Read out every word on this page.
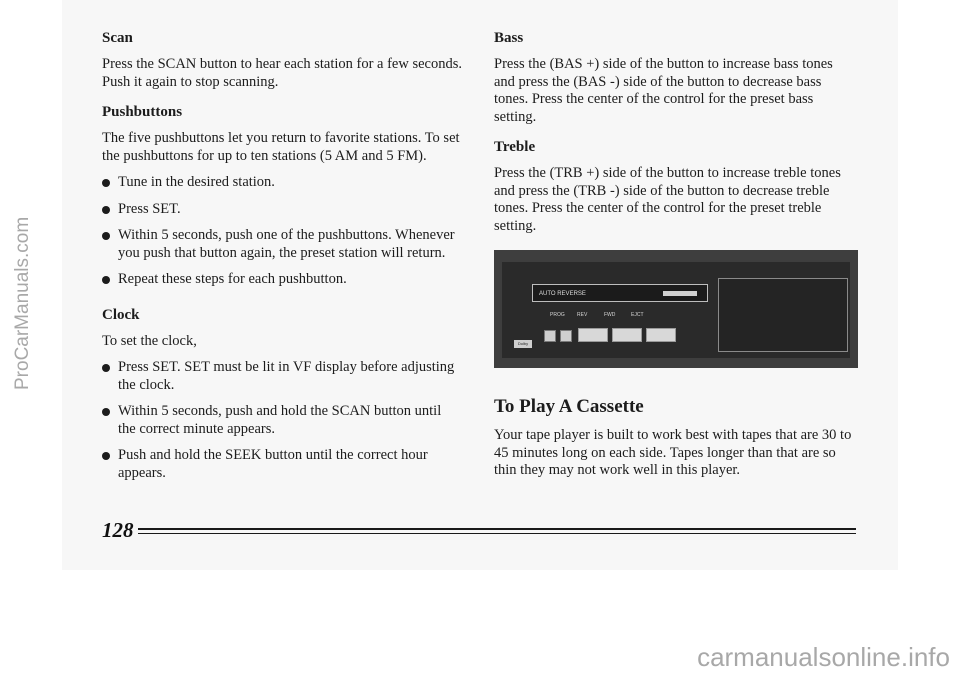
Scan

Press the SCAN button to hear each station for a few seconds. Push it again to stop scanning.

Pushbuttons

The five pushbuttons let you return to favorite stations. To set the pushbuttons for up to ten stations (5 AM and 5 FM).

Tune in the desired station.
Press SET.
Within 5 seconds, push one of the pushbuttons. Whenever you push that button again, the preset station will return.
Repeat these steps for each pushbutton.
Clock

To set the clock,

Press SET. SET must be lit in VF display before adjusting the clock.
Within 5 seconds, push and hold the SCAN button until the correct minute appears.
Push and hold the SEEK button until the correct hour appears.
Bass

Press the (BAS +) side of the button to increase bass tones and press the (BAS -) side of the button to decrease bass tones. Press the center of the control for the preset bass setting.

Treble

Press the (TRB +) side of the button to increase treble tones and press the (TRB -) side of the button to decrease treble tones. Press the center of the control for the preset treble setting.

AUTO REVERSE
PROG REV	FWD	EJCT
Dolby
To Play A Cassette

Your tape player is built to work best with tapes that are 30 to 45 minutes long on each side. Tapes longer than that are so thin they may not work well in this player.

128
ProCarManuals.com
carmanualsonline.info
